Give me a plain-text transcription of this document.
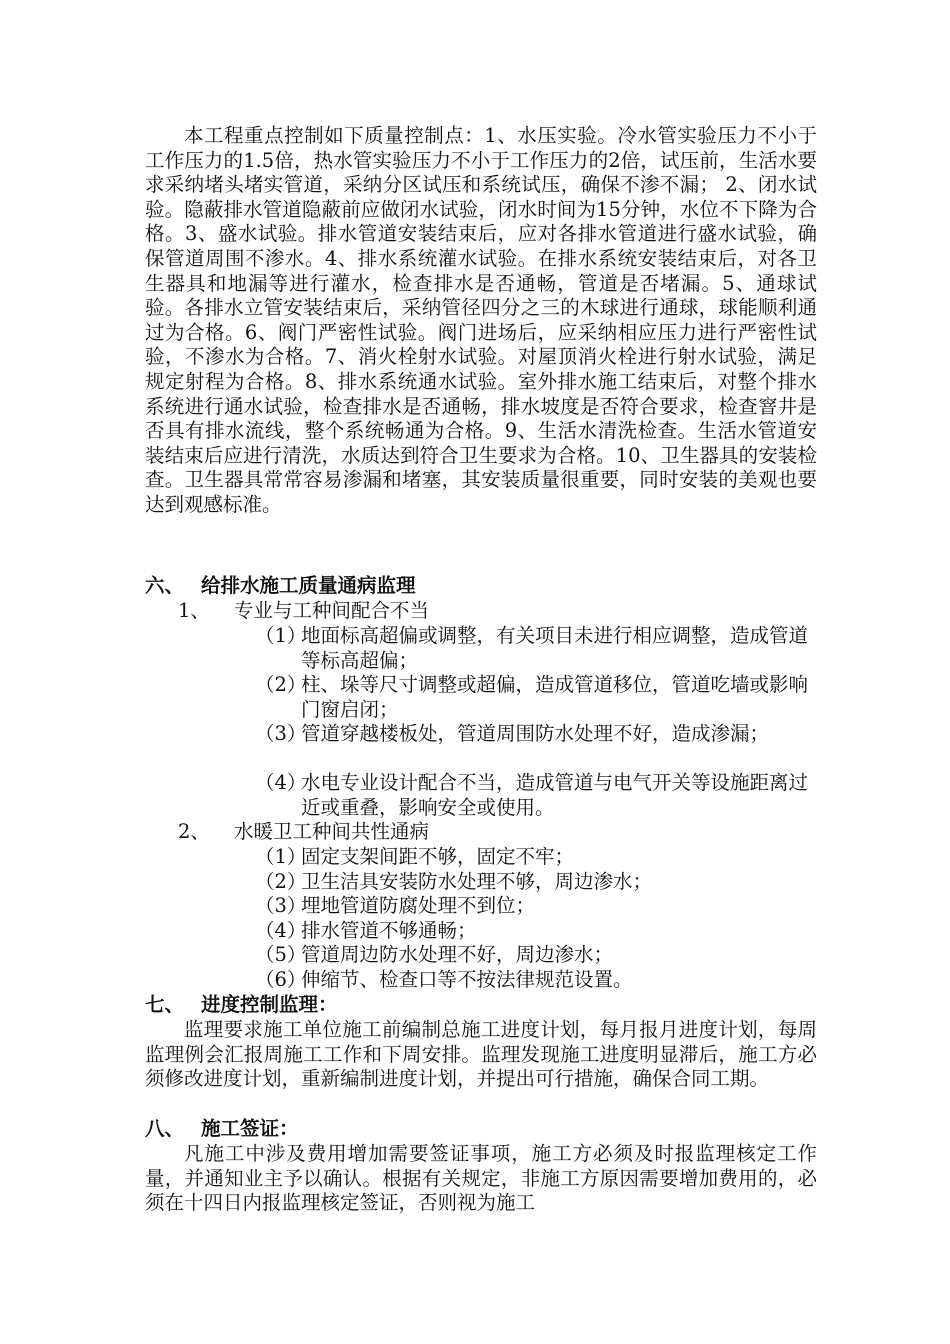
本工程重点控制如下质量控制点：1、水压实验。冷水管实验压力不小于工作压力的1.5倍，热水管实验压力不小于工作压力的2倍，试压前，生活水要求采纳堵头堵实管道，采纳分区试压和系统试压，确保不渗不漏； 2、闭水试验。隐蔽排水管道隐蔽前应做闭水试验，闭水时间为15分钟，水位不下降为合格。3、盛水试验。排水管道安装结束后，应对各排水管道进行盛水试验，确保管道周围不渗水。4、排水系统灌水试验。在排水系统安装结束后，对各卫生器具和地漏等进行灌水，检查排水是否通畅，管道是否堵漏。5、通球试验。各排水立管安装结束后，采纳管径四分之三的木球进行通球，球能顺利通过为合格。6、阀门严密性试验。阀门进场后，应采纳相应压力进行严密性试验，不渗水为合格。7、消火栓射水试验。对屋顶消火栓进行射水试验，满足规定射程为合格。8、排水系统通水试验。室外排水施工结束后，对整个排水系统进行通水试验，检查排水是否通畅，排水坡度是否符合要求，检查窨井是否具有排水流线，整个系统畅通为合格。9、生活水清洗检查。生活水管道安装结束后应进行清洗，水质达到符合卫生要求为合格。10、卫生器具的安装检查。卫生器具常常容易渗漏和堵塞，其安装质量很重要，同时安装的美观也要达到观感标准。

六、 给排水施工质量通病监理
1、 专业与工种间配合不当
（1）地面标高超偏或调整，有关项目未进行相应调整，造成管道等标高超偏；
（2）柱、垛等尺寸调整或超偏，造成管道移位，管道吃墙或影响门窗启闭；
（3）管道穿越楼板处，管道周围防水处理不好，造成渗漏；
（4）水电专业设计配合不当，造成管道与电气开关等设施距离过近或重叠，影响安全或使用。
2、 水暖卫工种间共性通病
（1）固定支架间距不够，固定不牢；
（2）卫生洁具安装防水处理不够，周边渗水；
（3）埋地管道防腐处理不到位；
（4）排水管道不够通畅；
（5）管道周边防水处理不好，周边渗水；
（6）伸缩节、检查口等不按法律规范设置。
七、 进度控制监理：

监理要求施工单位施工前编制总施工进度计划，每月报月进度计划，每周监理例会汇报周施工工作和下周安排。监理发现施工进度明显滞后，施工方必须修改进度计划，重新编制进度计划，并提出可行措施，确保合同工期。

八、 施工签证：

凡施工中涉及费用增加需要签证事项，施工方必须及时报监理核定工作量，并通知业主予以确认。根据有关规定，非施工方原因需要增加费用的，必须在十四日内报监理核定签证，否则视为施工
